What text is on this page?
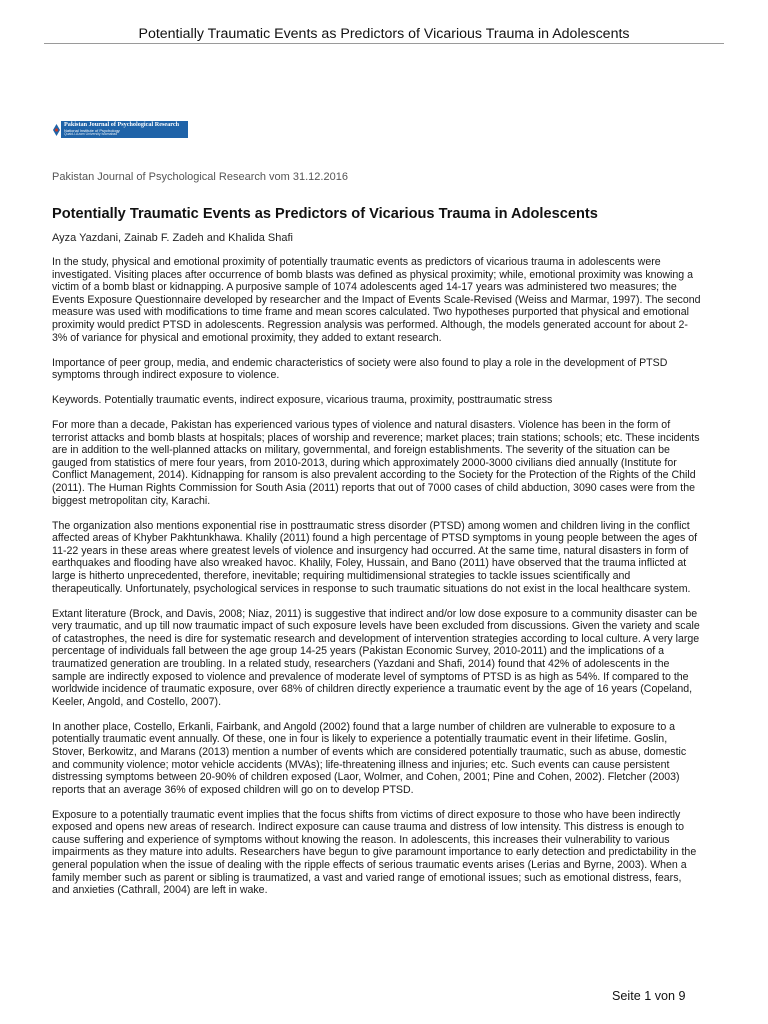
Potentially Traumatic Events as Predictors of Vicarious Trauma in Adolescents
Pakistan Journal of Psychological Research
National Institute of Psychology
Quaid-i-Azam University Islamabad
Pakistan Journal of Psychological Research vom 31.12.2016
Potentially Traumatic Events as Predictors of Vicarious Trauma in Adolescents
Ayza Yazdani, Zainab F. Zadeh and Khalida Shafi

In the study, physical and emotional proximity of potentially traumatic events as predictors of vicarious trauma in adolescents were investigated. Visiting places after occurrence of bomb blasts was defined as physical proximity; while, emotional proximity was knowing a victim of a bomb blast or kidnapping. A purposive sample of 1074 adolescents aged 14-17 years was administered two measures; the Events Exposure Questionnaire developed by researcher and the Impact of Events Scale-Revised (Weiss and Marmar, 1997). The second measure was used with modifications to time frame and mean scores calculated. Two hypotheses purported that physical and emotional proximity would predict PTSD in adolescents. Regression analysis was performed. Although, the models generated account for about 2-3% of variance for physical and emotional proximity, they added to extant research.

Importance of peer group, media, and endemic characteristics of society were also found to play a role in the development of PTSD symptoms through indirect exposure to violence.

Keywords. Potentially traumatic events, indirect exposure, vicarious trauma, proximity, posttraumatic stress

For more than a decade, Pakistan has experienced various types of violence and natural disasters. Violence has been in the form of terrorist attacks and bomb blasts at hospitals; places of worship and reverence; market places; train stations; schools; etc. These incidents are in addition to the well-planned attacks on military, governmental, and foreign establishments. The severity of the situation can be gauged from statistics of mere four years, from 2010-2013, during which approximately 2000-3000 civilians died annually (Institute for Conflict Management, 2014). Kidnapping for ransom is also prevalent according to the Society for the Protection of the Rights of the Child (2011). The Human Rights Commission for South Asia (2011) reports that out of 7000 cases of child abduction, 3090 cases were from the biggest metropolitan city, Karachi.

The organization also mentions exponential rise in posttraumatic stress disorder (PTSD) among women and children living in the conflict affected areas of Khyber Pakhtunkhawa. Khalily (2011) found a high percentage of PTSD symptoms in young people between the ages of 11-22 years in these areas where greatest levels of violence and insurgency had occurred. At the same time, natural disasters in form of earthquakes and flooding have also wreaked havoc. Khalily, Foley, Hussain, and Bano (2011) have observed that the trauma inflicted at large is hitherto unprecedented, therefore, inevitable; requiring multidimensional strategies to tackle issues scientifically and therapeutically. Unfortunately, psychological services in response to such traumatic situations do not exist in the local healthcare system.

Extant literature (Brock, and Davis, 2008; Niaz, 2011) is suggestive that indirect and/or low dose exposure to a community disaster can be very traumatic, and up till now traumatic impact of such exposure levels have been excluded from discussions. Given the variety and scale of catastrophes, the need is dire for systematic research and development of intervention strategies according to local culture. A very large percentage of individuals fall between the age group 14-25 years (Pakistan Economic Survey, 2010-2011) and the implications of a traumatized generation are troubling. In a related study, researchers (Yazdani and Shafi, 2014) found that 42% of adolescents in the sample are indirectly exposed to violence and prevalence of moderate level of symptoms of PTSD is as high as 54%. If compared to the worldwide incidence of traumatic exposure, over 68% of children directly experience a traumatic event by the age of 16 years (Copeland, Keeler, Angold, and Costello, 2007).

In another place, Costello, Erkanli, Fairbank, and Angold (2002) found that a large number of children are vulnerable to exposure to a potentially traumatic event annually. Of these, one in four is likely to experience a potentially traumatic event in their lifetime. Goslin, Stover, Berkowitz, and Marans (2013) mention a number of events which are considered potentially traumatic, such as abuse, domestic and community violence; motor vehicle accidents (MVAs); life-threatening illness and injuries; etc. Such events can cause persistent distressing symptoms between 20-90% of children exposed (Laor, Wolmer, and Cohen, 2001; Pine and Cohen, 2002). Fletcher (2003) reports that an average 36% of exposed children will go on to develop PTSD.

Exposure to a potentially traumatic event implies that the focus shifts from victims of direct exposure to those who have been indirectly exposed and opens new areas of research. Indirect exposure can cause trauma and distress of low intensity. This distress is enough to cause suffering and experience of symptoms without knowing the reason. In adolescents, this increases their vulnerability to various impairments as they mature into adults. Researchers have begun to give paramount importance to early detection and predictability in the general population when the issue of dealing with the ripple effects of serious traumatic events arises (Lerias and Byrne, 2003). When a family member such as parent or sibling is traumatized, a vast and varied range of emotional issues; such as emotional distress, fears, and anxieties (Cathrall, 2004) are left in wake.

Seite 1 von 9
